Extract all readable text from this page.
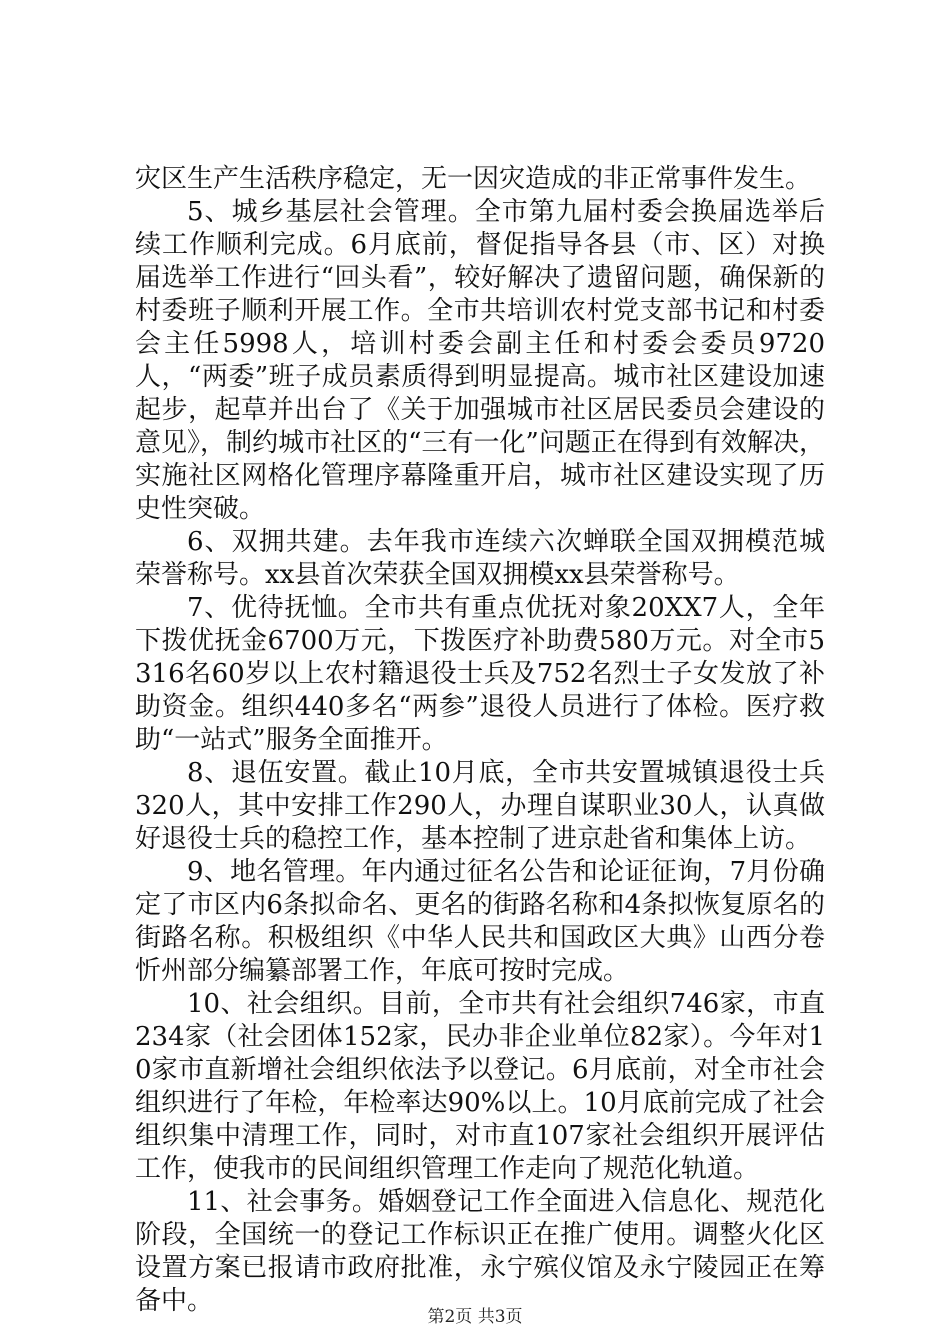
灾区生产生活秩序稳定，无一因灾造成的非正常事件发生。

5、城乡基层社会管理。全市第九届村委会换届选举后续工作顺利完成。6月底前，督促指导各县（市、区）对换届选举工作进行“回头看”，较好解决了遗留问题，确保新的村委班子顺利开展工作。全市共培训农村党支部书记和村委会主任5998人，培训村委会副主任和村委会委员9720人，“两委”班子成员素质得到明显提高。城市社区建设加速起步，起草并出台了《关于加强城市社区居民委员会建设的意见》，制约城市社区的“三有一化”问题正在得到有效解决，实施社区网格化管理序幕隆重开启，城市社区建设实现了历史性突破。

6、双拥共建。去年我市连续六次蝉联全国双拥模范城荣誉称号。xx县首次荣获全国双拥模xx县荣誉称号。

7、优待抚恤。全市共有重点优抚对象20XX7人，全年下拨优抚金6700万元，下拨医疗补助费580万元。对全市5316名60岁以上农村籍退役士兵及752名烈士子女发放了补助资金。组织440多名“两参”退役人员进行了体检。医疗救助“一站式”服务全面推开。

8、退伍安置。截止10月底，全市共安置城镇退役士兵320人，其中安排工作290人，办理自谋职业30人，认真做好退役士兵的稳控工作，基本控制了进京赴省和集体上访。

9、地名管理。年内通过征名公告和论证征询，7月份确定了市区内6条拟命名、更名的街路名称和4条拟恢复原名的街路名称。积极组织《中华人民共和国政区大典》山西分卷忻州部分编纂部署工作，年底可按时完成。

10、社会组织。目前，全市共有社会组织746家，市直234家（社会团体152家，民办非企业单位82家）。今年对10家市直新增社会组织依法予以登记。6月底前，对全市社会组织进行了年检，年检率达90%以上。10月底前完成了社会组织集中清理工作，同时，对市直107家社会组织开展评估工作，使我市的民间组织管理工作走向了规范化轨道。

11、社会事务。婚姻登记工作全面进入信息化、规范化阶段，全国统一的登记工作标识正在推广使用。调整火化区设置方案已报请市政府批准，永宁殡仪馆及永宁陵园正在筹备中。

第2页 共3页
